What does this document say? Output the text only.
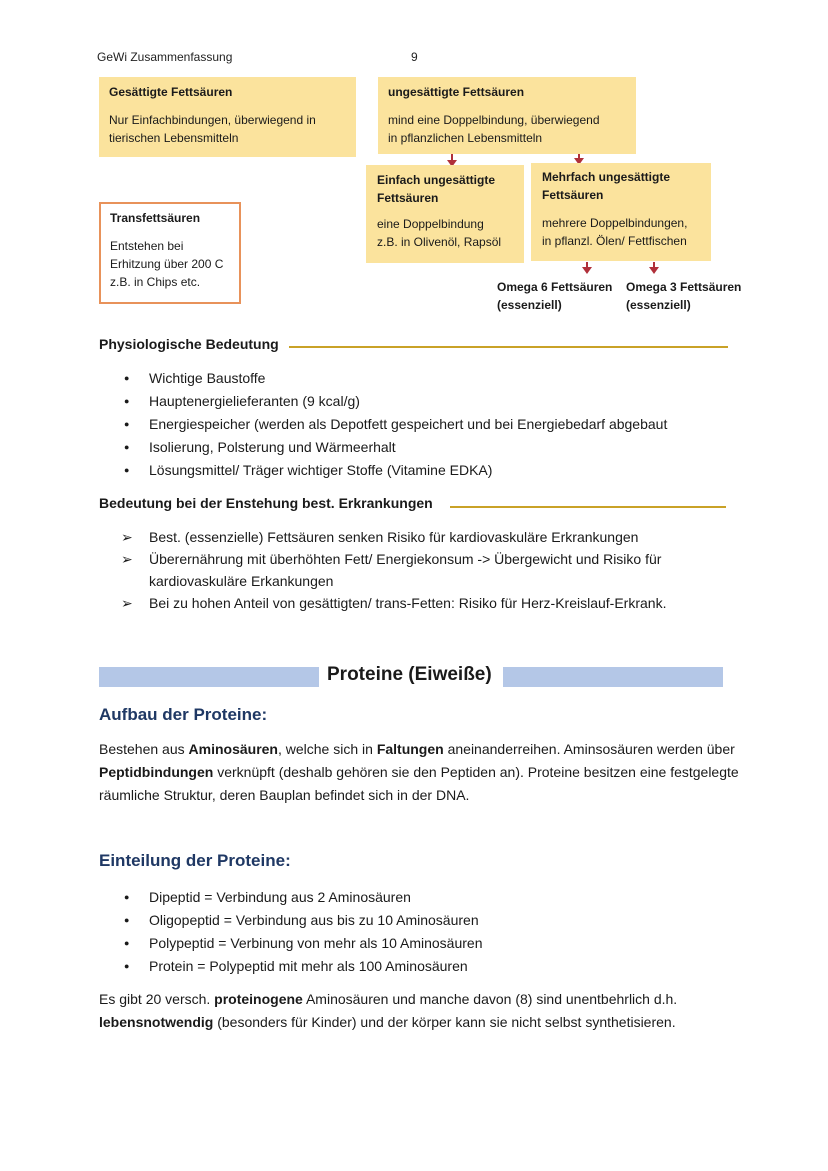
GeWi Zusammenfassung	9
Gesättigte Fettsäuren
Nur Einfachbindungen, überwiegend in
tierischen Lebensmitteln
ungesättigte Fettsäuren
mind eine Doppelbindung, überwiegend
in pflanzlichen Lebensmitteln
Einfach ungesättigte
Fettsäuren
eine Doppelbindung
z.B. in Olivenöl, Rapsöl
Mehrfach ungesättigte
Fettsäuren
mehrere Doppelbindungen,
in pflanzl. Ölen/ Fettfischen
Transfettsäuren
Entstehen bei
Erhitzung über 200 C
z.B. in Chips etc.	Omega 6 Fettsäuren
(essenziell)
Omega 3 Fettsäuren
(essenziell)
Physiologische Bedeutung
● Wichtige Baustoffe
● Hauptenergielieferanten (9 kcal/g)
● Energiespeicher (werden als Depotfett gespeichert und bei Energiebedarf abgebaut
● Isolierung, Polsterung und Wärmeerhalt
● Lösungsmittel/ Träger wichtiger Stoffe (Vitamine EDKA)
Bedeutung bei der Enstehung best. Erkrankungen
➢ Best. (essenzielle) Fettsäuren senken Risiko für kardiovaskuläre Erkrankungen
➢ Überernährung mit überhöhten Fett/ Energiekonsum -> Übergewicht und Risiko für kardiovaskuläre Erkankungen
➢ Bei zu hohen Anteil von gesättigten/ trans-Fetten: Risiko für Herz-Kreislauf-Erkrank.
Proteine (Eiweiße)
Aufbau der Proteine:
Bestehen aus Aminosäuren, welche sich in Faltungen aneinanderreihen. Aminsosäuren werden über Peptidbindungen verknüpft (deshalb gehören sie den Peptiden an). Proteine besitzen eine festgelegte räumliche Struktur, deren Bauplan befindet sich in der DNA.
Einteilung der Proteine:
● Dipeptid = Verbindung aus 2 Aminosäuren
● Oligopeptid = Verbindung aus bis zu 10 Aminosäuren
● Polypeptid = Verbinung von mehr als 10 Aminosäuren
● Protein = Polypeptid mit mehr als 100 Aminosäuren
Es gibt 20 versch. proteinogene Aminosäuren und manche davon (8) sind unentbehrlich d.h. lebensnotwendig (besonders für Kinder) und der körper kann sie nicht selbst synthetisieren.
